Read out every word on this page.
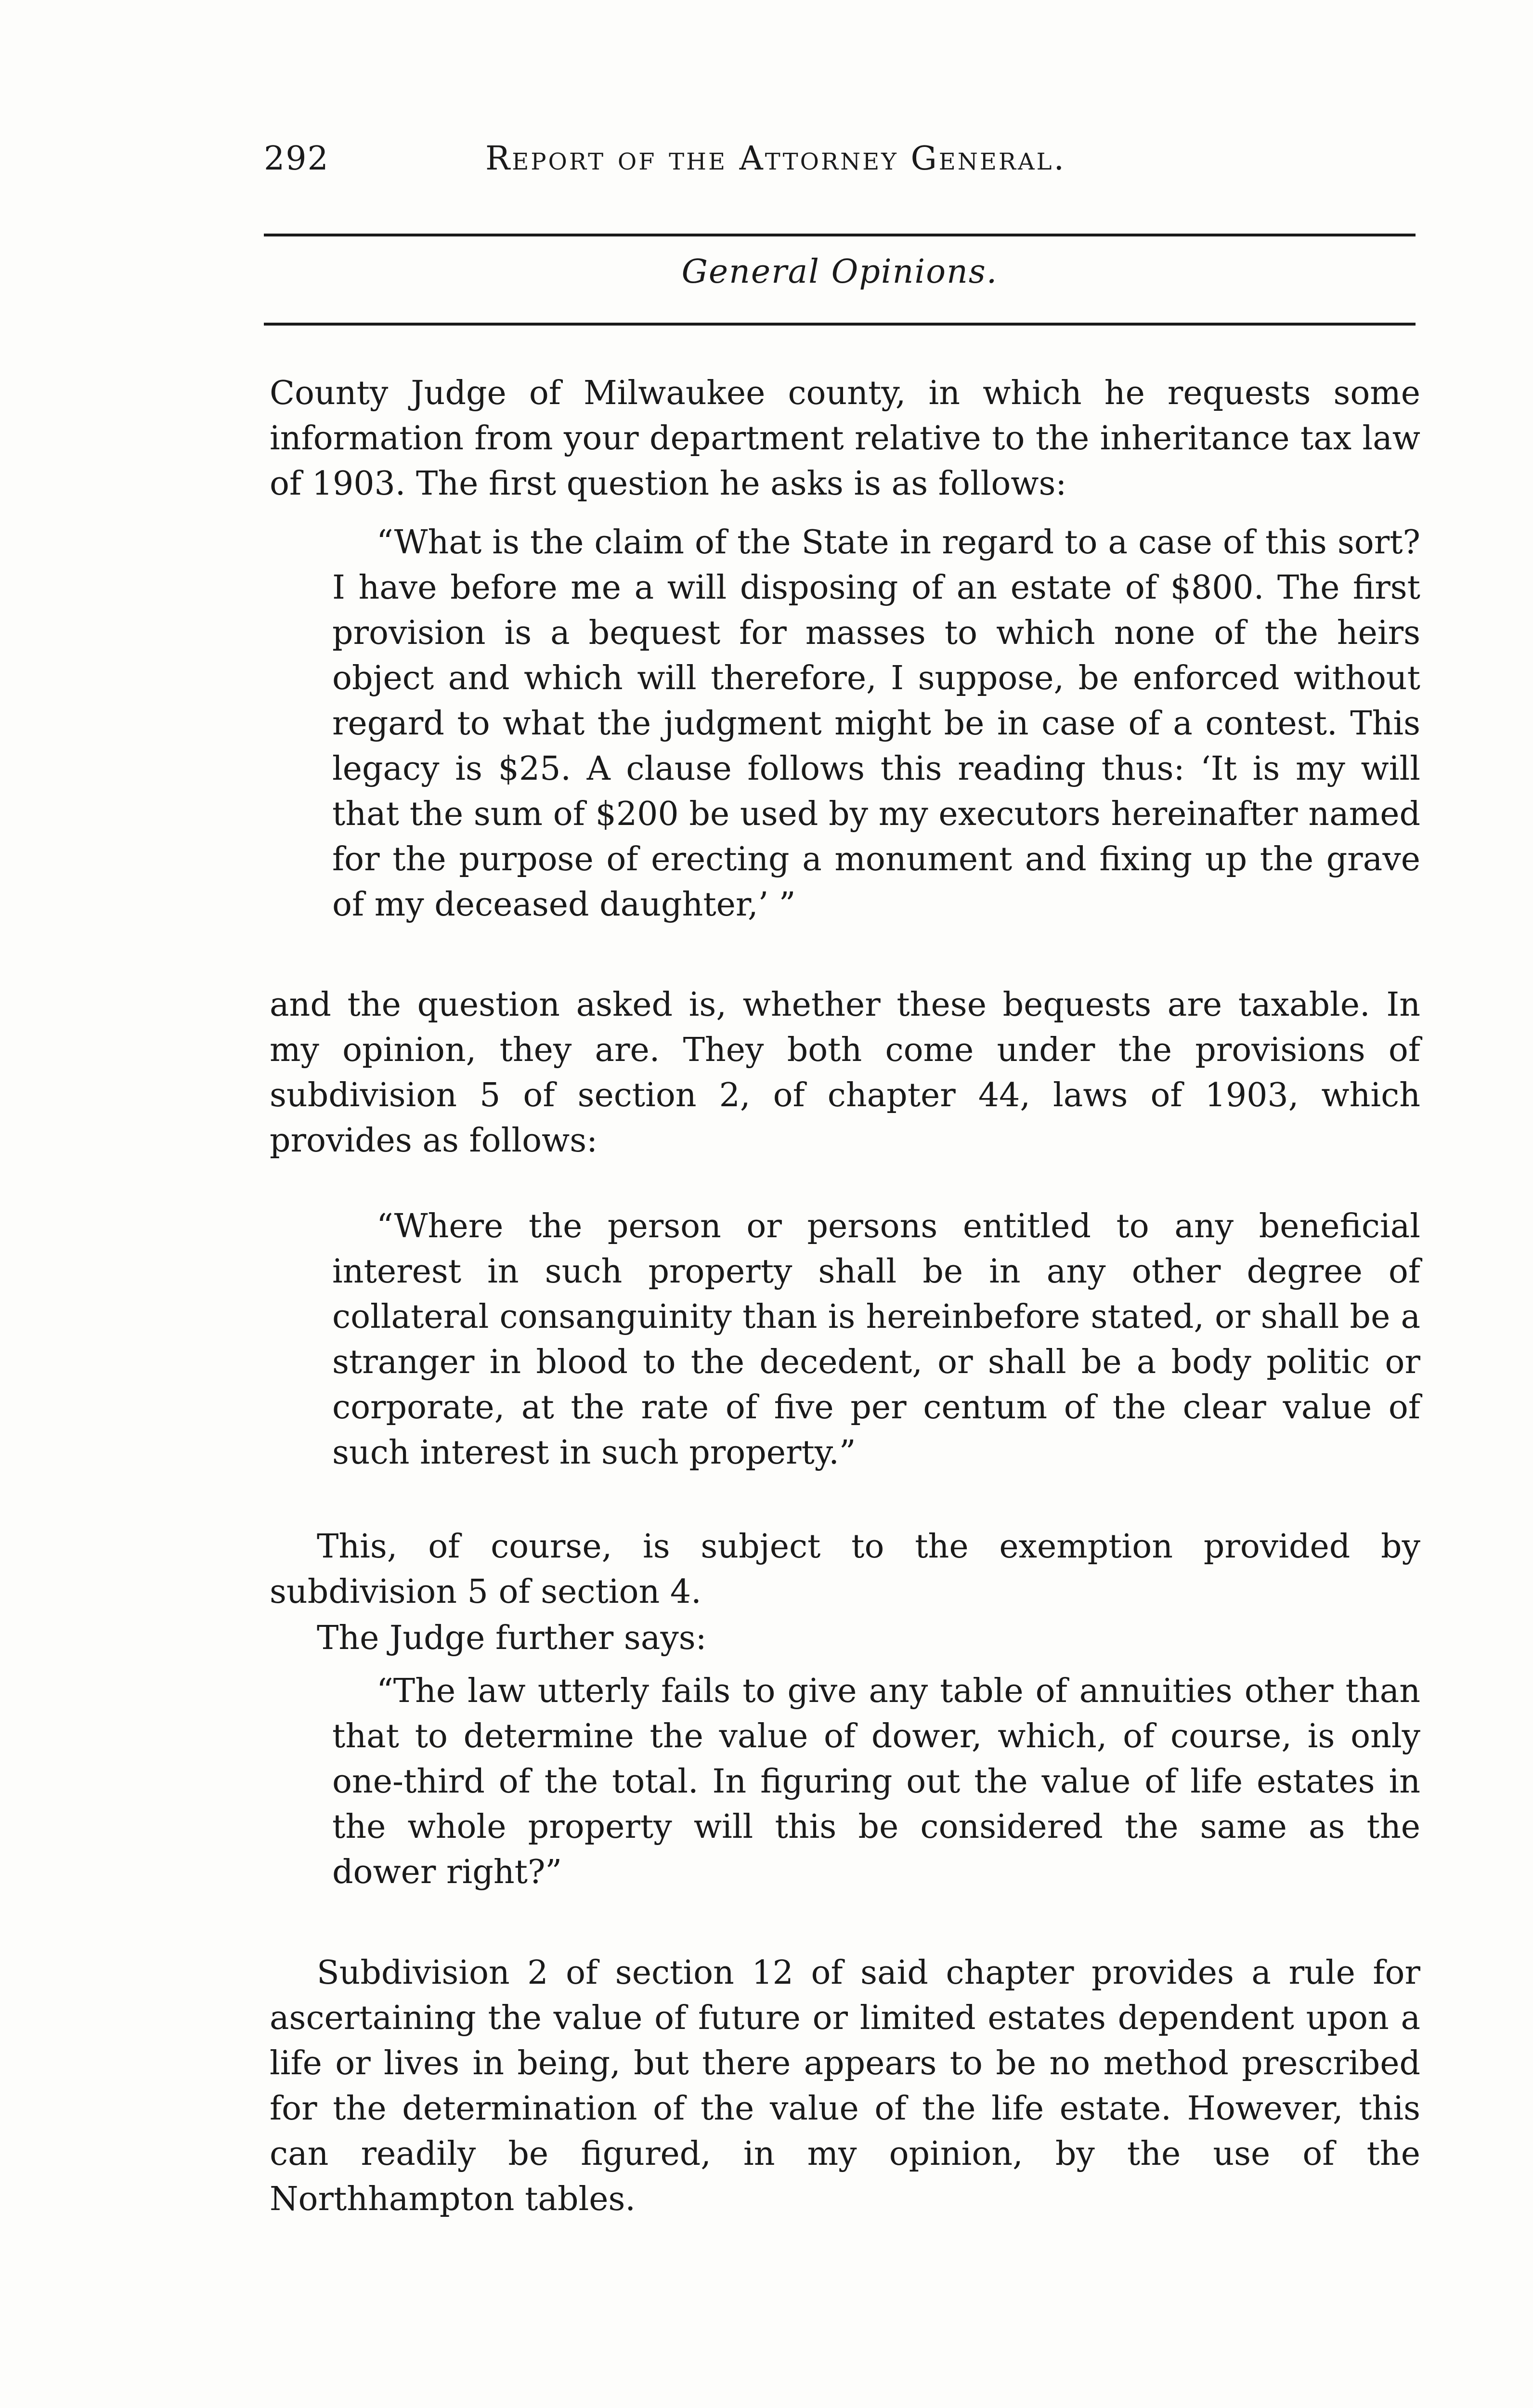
292	Report of the Attorney General.
General Opinions.

County Judge of Milwaukee county, in which he requests some information from your department relative to the inheritance tax law of 1903. The first question he asks is as follows:

“What is the claim of the State in regard to a case of this sort? I have before me a will disposing of an estate of $800. The first provision is a bequest for masses to which none of the heirs object and which will therefore, I suppose, be enforced without regard to what the judgment might be in case of a contest. This legacy is $25. A clause follows this reading thus: ‘It is my will that the sum of $200 be used by my executors hereinafter named for the purpose of erecting a monument and fixing up the grave of my deceased daughter,’ ”

and the question asked is, whether these bequests are taxable. In my opinion, they are. They both come under the provisions of subdivision 5 of section 2, of chapter 44, laws of 1903, which provides as follows:

“Where the person or persons entitled to any beneficial interest in such property shall be in any other degree of collateral consanguinity than is hereinbefore stated, or shall be a stranger in blood to the decedent, or shall be a body politic or corporate, at the rate of five per centum of the clear value of such interest in such property.”

This, of course, is subject to the exemption provided by subdivision 5 of section 4.

The Judge further says:

“The law utterly fails to give any table of annuities other than that to determine the value of dower, which, of course, is only one-third of the total. In figuring out the value of life estates in the whole property will this be considered the same as the dower right?”

Subdivision 2 of section 12 of said chapter provides a rule for ascertaining the value of future or limited estates dependent upon a life or lives in being, but there appears to be no method prescribed for the determination of the value of the life estate. However, this can readily be figured, in my opinion, by the use of the Northhampton tables.
